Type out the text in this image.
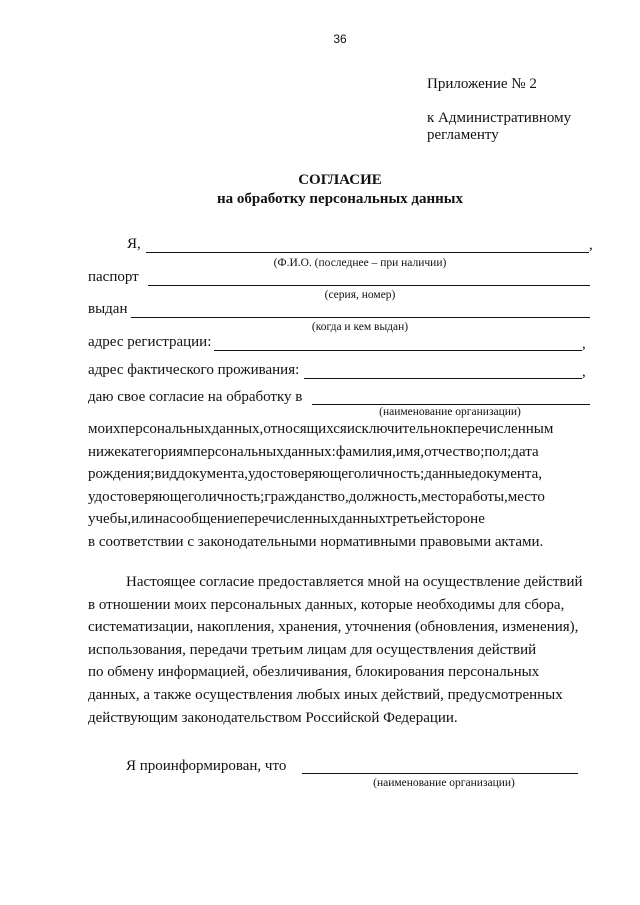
36
Приложение № 2
к Административному
регламенту
СОГЛАСИЕ
на обработку персональных данных
Я,	,
(Ф.И.О. (последнее – при наличии)
паспорт
(серия, номер)
выдан
(когда и кем выдан)
адрес регистрации:	,
адрес фактического проживания:	,
даю свое согласие на обработку в
(наименование организации)
моихперсональныхданных,относящихсяисключительнокперечисленным
нижекатегориямперсональныхданных:фамилия,имя,отчество;пол;дата
рождения;виддокумента,удостоверяющеголичность;данныедокумента,
удостоверяющеголичность;гражданство,должность,местоработы,место
учебы,илинасообщениеперечисленныхданныхтретьейстороне
в соответствии с законодательными нормативными правовыми актами.
Настоящее согласие предоставляется мной на осуществление действий
в отношении моих персональных данных, которые необходимы для сбора,
систематизации, накопления, хранения, уточнения (обновления, изменения),
использования, передачи третьим лицам для осуществления действий
по обмену информацией, обезличивания, блокирования персональных
данных, а также осуществления любых иных действий, предусмотренных
действующим законодательством Российской Федерации.
Я проинформирован, что
(наименование организации)
